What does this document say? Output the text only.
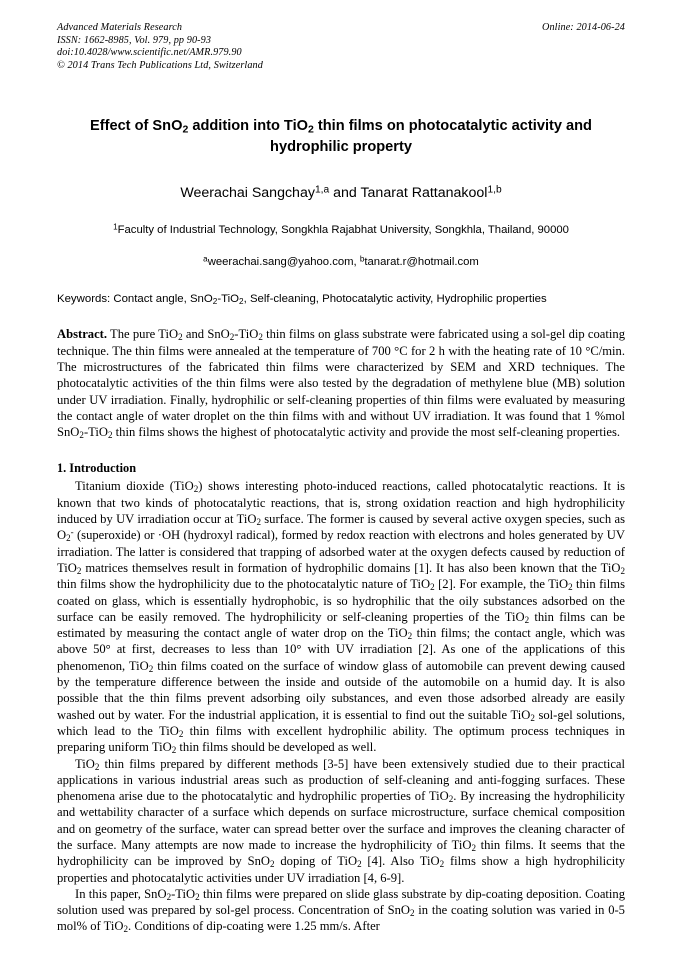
Online: 2014-06-24
Advanced Materials Research
ISSN: 1662-8985, Vol. 979, pp 90-93
doi:10.4028/www.scientific.net/AMR.979.90
© 2014 Trans Tech Publications Ltd, Switzerland
Effect of SnO$_2$ addition into TiO$_2$ thin films on photocatalytic activity and hydrophilic property
Weerachai Sangchay$^{1,a}$ and Tanarat Rattanakool$^{1,b}$
$^1$Faculty of Industrial Technology, Songkhla Rajabhat University, Songkhla, Thailand, 90000
$^a$weerachai.sang@yahoo.com, $^b$tanarat.r@hotmail.com
Keywords: Contact angle, SnO$_2$-TiO$_2$, Self-cleaning, Photocatalytic activity, Hydrophilic properties
Abstract. The pure TiO$_2$ and SnO$_2$-TiO$_2$ thin films on glass substrate were fabricated using a sol-gel dip coating technique. The thin films were annealed at the temperature of 700 °C for 2 h with the heating rate of 10 °C/min. The microstructures of the fabricated thin films were characterized by SEM and XRD techniques. The photocatalytic activities of the thin films were also tested by the degradation of methylene blue (MB) solution under UV irradiation. Finally, hydrophilic or self-cleaning properties of thin films were evaluated by measuring the contact angle of water droplet on the thin films with and without UV irradiation. It was found that 1 %mol SnO$_2$-TiO$_2$ thin films shows the highest of photocatalytic activity and provide the most self-cleaning properties.
1. Introduction

Titanium dioxide (TiO$_2$) shows interesting photo-induced reactions, called photocatalytic reactions. It is known that two kinds of photocatalytic reactions, that is, strong oxidation reaction and high hydrophilicity induced by UV irradiation occur at TiO$_2$ surface. The former is caused by several active oxygen species, such as $O_2^-$ (superoxide) or ·OH (hydroxyl radical), formed by redox reaction with electrons and holes generated by UV irradiation. The latter is considered that trapping of adsorbed water at the oxygen defects caused by reduction of TiO$_2$ matrices themselves result in formation of hydrophilic domains [1]. It has also been known that the TiO$_2$ thin films show the hydrophilicity due to the photocatalytic nature of TiO$_2$ [2]. For example, the TiO$_2$ thin films coated on glass, which is essentially hydrophobic, is so hydrophilic that the oily substances adsorbed on the surface can be easily removed. The hydrophilicity or self-cleaning properties of the TiO$_2$ thin films can be estimated by measuring the contact angle of water drop on the TiO$_2$ thin films; the contact angle, which was above 50° at first, decreases to less than 10° with UV irradiation [2]. As one of the applications of this phenomenon, TiO$_2$ thin films coated on the surface of window glass of automobile can prevent dewing caused by the temperature difference between the inside and outside of the automobile on a humid day. It is also possible that the thin films prevent adsorbing oily substances, and even those adsorbed already are easily washed out by water. For the industrial application, it is essential to find out the suitable TiO$_2$ sol-gel solutions, which lead to the TiO$_2$ thin films with excellent hydrophilic ability. The optimum process techniques in preparing uniform TiO$_2$ thin films should be developed as well.

TiO$_2$ thin films prepared by different methods [3-5] have been extensively studied due to their practical applications in various industrial areas such as production of self-cleaning and anti-fogging surfaces. These phenomena arise due to the photocatalytic and hydrophilic properties of TiO$_2$. By increasing the hydrophilicity and wettability character of a surface which depends on surface microstructure, surface chemical composition and on geometry of the surface, water can spread better over the surface and improves the cleaning character of the surface. Many attempts are now made to increase the hydrophilicity of TiO$_2$ thin films. It seems that the hydrophilicity can be improved by SnO$_2$ doping of TiO$_2$ [4]. Also TiO$_2$ films show a high hydrophilicity properties and photocatalytic activities under UV irradiation [4, 6-9].

In this paper, SnO$_2$-TiO$_2$ thin films were prepared on slide glass substrate by dip-coating deposition. Coating solution used was prepared by sol-gel process. Concentration of SnO$_2$ in the coating solution was varied in 0-5 mol% of TiO$_2$. Conditions of dip-coating were 1.25 mm/s. After
